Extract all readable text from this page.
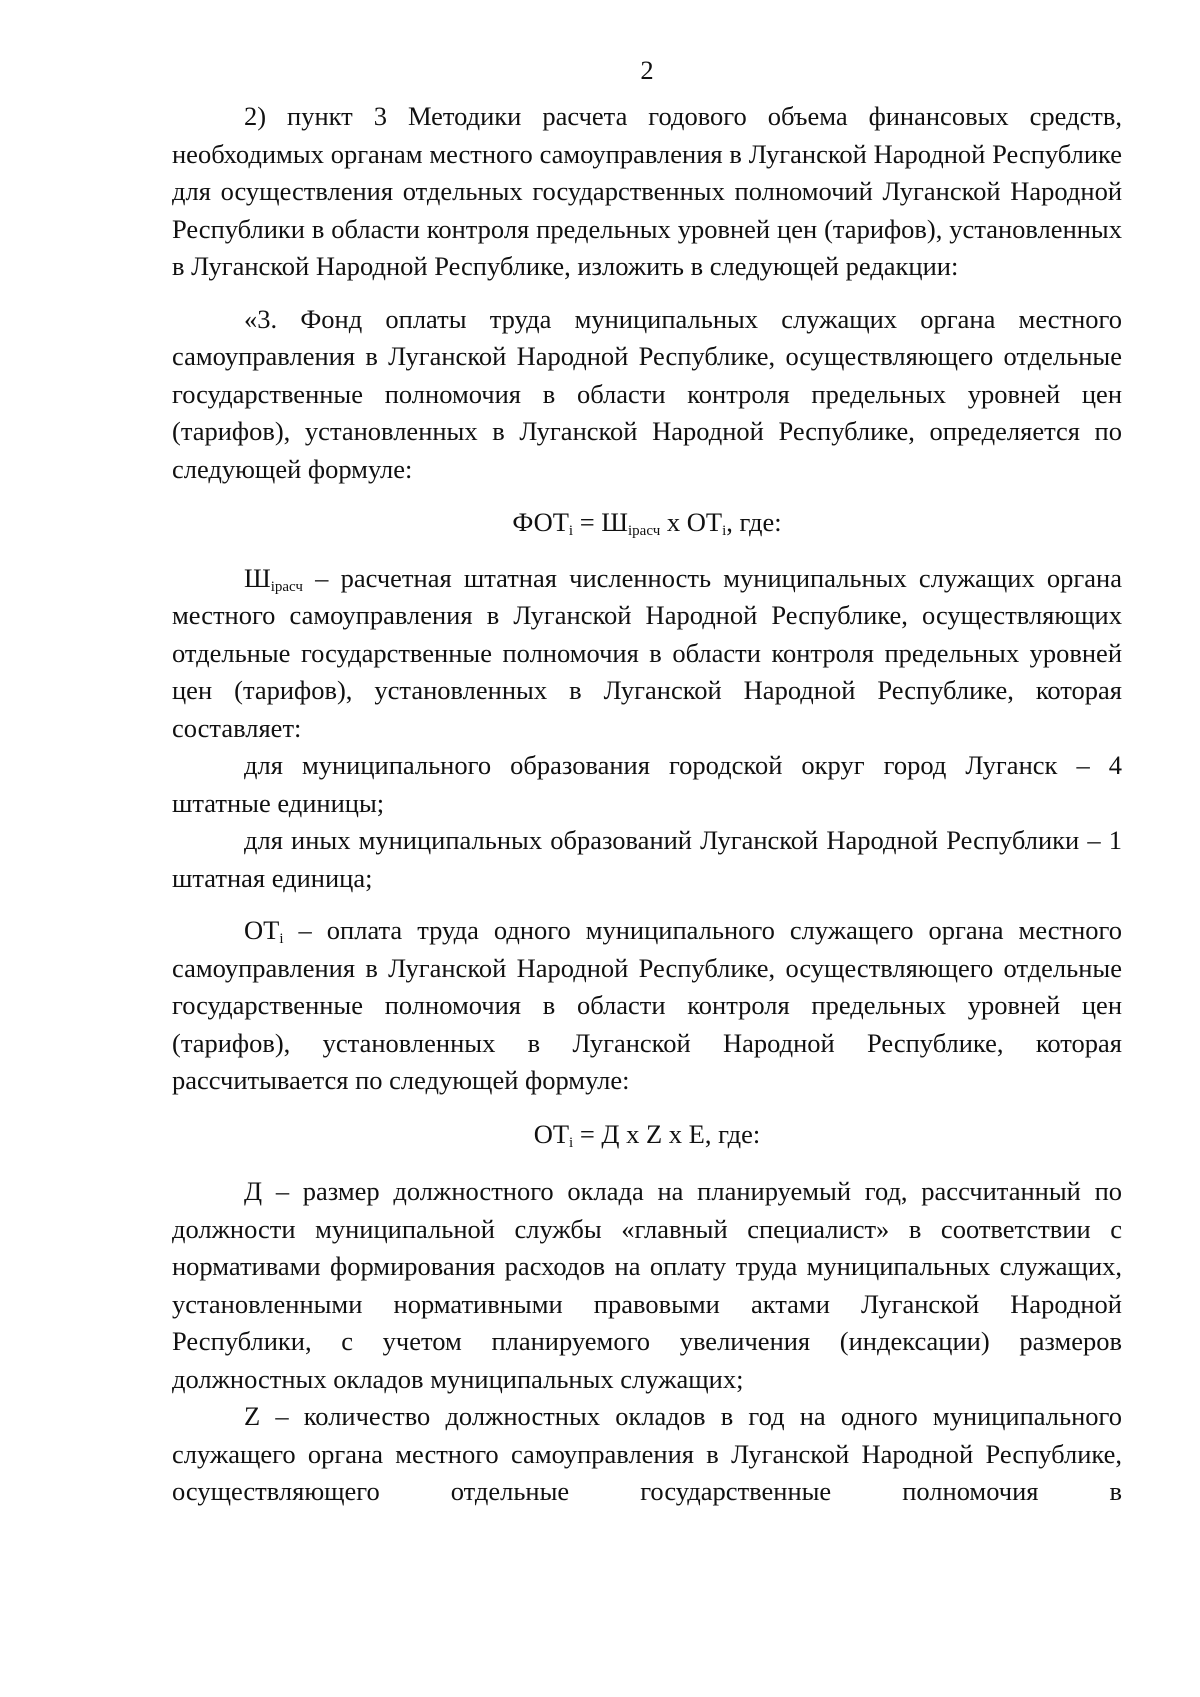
2

2) пункт 3 Методики расчета годового объема финансовых средств, необходимых органам местного самоуправления в Луганской Народной Республике для осуществления отдельных государственных полномочий Луганской Народной Республики в области контроля предельных уровней цен (тарифов), установленных в Луганской Народной Республике, изложить в следующей редакции:

«3. Фонд оплаты труда муниципальных служащих органа местного самоуправления в Луганской Народной Республике, осуществляющего отдельные государственные полномочия в области контроля предельных уровней цен (тарифов), установленных в Луганской Народной Республике, определяется по следующей формуле:

$ФОТ_i = Ш_{iрасч}$ х $ОТ_i$, где:

$Ш_{iрасч}$ – расчетная штатная численность муниципальных служащих органа местного самоуправления в Луганской Народной Республике, осуществляющих отдельные государственные полномочия в области контроля предельных уровней цен (тарифов), установленных в Луганской Народной Республике, которая составляет:

для муниципального образования городской округ город Луганск – 4 штатные единицы;

для иных муниципальных образований Луганской Народной Республики – 1 штатная единица;

$ОТ_i$ – оплата труда одного муниципального служащего органа местного самоуправления в Луганской Народной Республике, осуществляющего отдельные государственные полномочия в области контроля предельных уровней цен (тарифов), установленных в Луганской Народной Республике, которая рассчитывается по следующей формуле:

$ОТ_i = Д$ х Z х Е, где:

Д – размер должностного оклада на планируемый год, рассчитанный по должности муниципальной службы «главный специалист» в соответствии с нормативами формирования расходов на оплату труда муниципальных служащих, установленными нормативными правовыми актами Луганской Народной Республики, с учетом планируемого увеличения (индексации) размеров должностных окладов муниципальных служащих;

Z – количество должностных окладов в год на одного муниципального служащего органа местного самоуправления в Луганской Народной Республике, осуществляющего отдельные государственные полномочия в
